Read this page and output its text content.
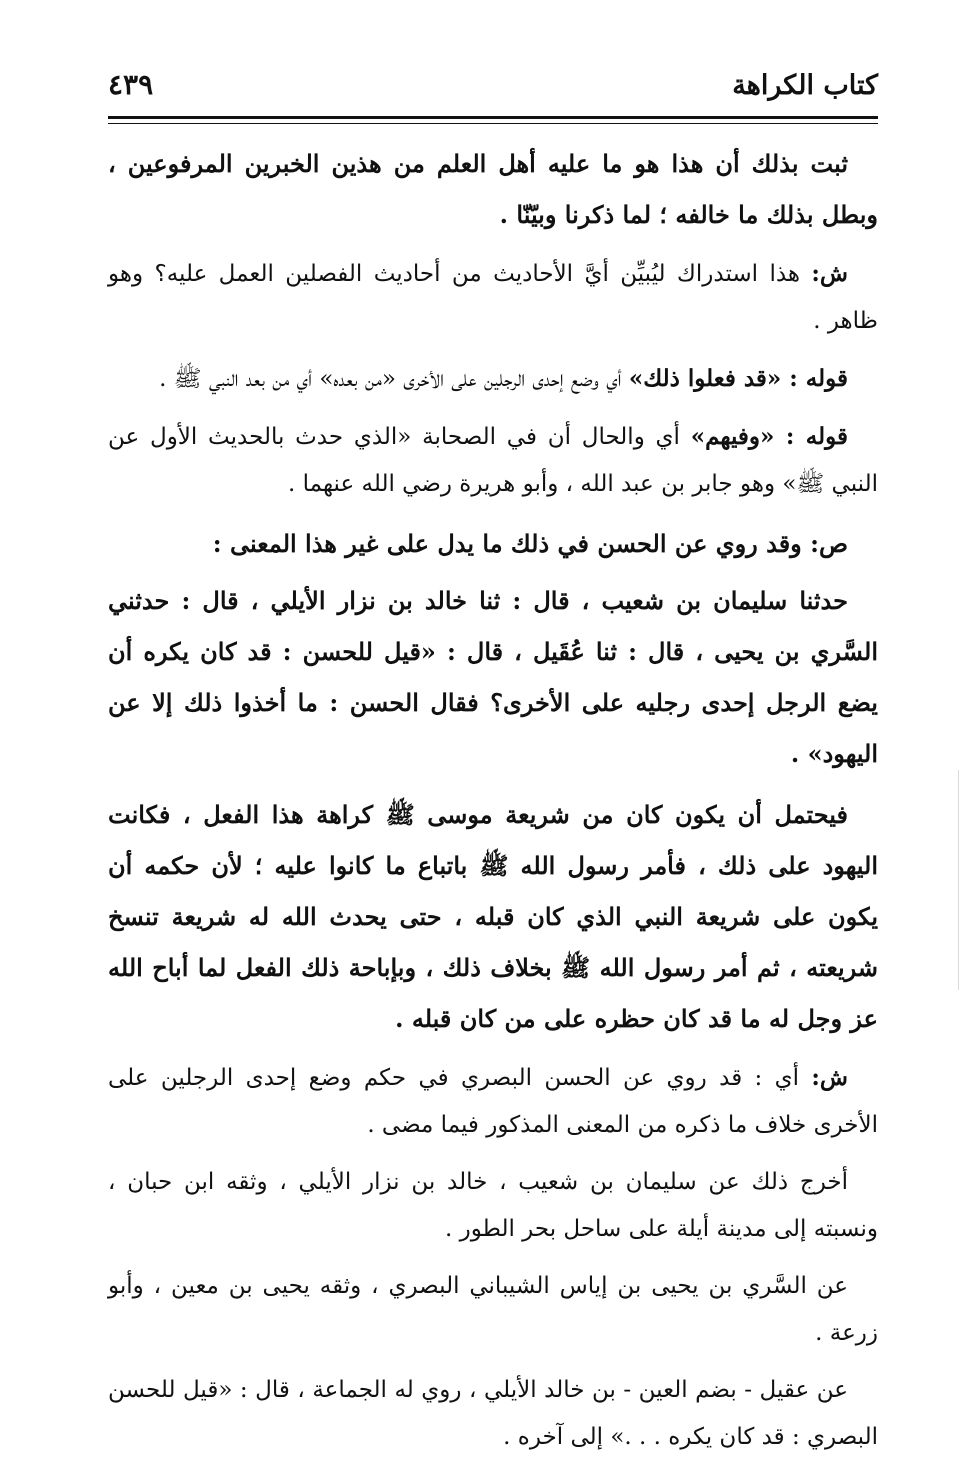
كتاب الكراهة
٤٣٩

ثبت بذلك أن هذا هو ما عليه أهل العلم من هذين الخبرين المرفوعين ، وبطل بذلك ما خالفه ؛ لما ذكرنا وبيّنّا .

ش: هذا استدراك ليُبيِّن أيَّ الأحاديث من أحاديث الفصلين العمل عليه؟ وهو ظاهر .

قوله : «قد فعلوا ذلك» أي وضع إحدى الرجلين على الأخرى «من بعده» أي من بعد النبي ﷺ .

قوله : «وفيهم» أي والحال أن في الصحابة «الذي حدث بالحديث الأول عن النبي ﷺ» وهو جابر بن عبد الله ، وأبو هريرة رضي الله عنهما .

ص: وقد روي عن الحسن في ذلك ما يدل على غير هذا المعنى :

حدثنا سليمان بن شعيب ، قال : ثنا خالد بن نزار الأيلي ، قال : حدثني السَّري بن يحيى ، قال : ثنا عُقَيل ، قال : «قيل للحسن : قد كان يكره أن يضع الرجل إحدى رجليه على الأخرى؟ فقال الحسن : ما أخذوا ذلك إلا عن اليهود» .

فيحتمل أن يكون كان من شريعة موسى ﷺ كراهة هذا الفعل ، فكانت اليهود على ذلك ، فأمر رسول الله ﷺ باتباع ما كانوا عليه ؛ لأن حكمه أن يكون على شريعة النبي الذي كان قبله ، حتى يحدث الله له شريعة تنسخ شريعته ، ثم أمر رسول الله ﷺ بخلاف ذلك ، وبإباحة ذلك الفعل لما أباح الله عز وجل له ما قد كان حظره على من كان قبله .

ش: أي : قد روي عن الحسن البصري في حكم وضع إحدى الرجلين على الأخرى خلاف ما ذكره من المعنى المذكور فيما مضى .

أخرج ذلك عن سليمان بن شعيب ، خالد بن نزار الأيلي ، وثقه ابن حبان ، ونسبته إلى مدينة أيلة على ساحل بحر الطور .

عن السَّري بن يحيى بن إياس الشيباني البصري ، وثقه يحيى بن معين ، وأبو زرعة .

عن عقيل - بضم العين - بن خالد الأيلي ، روي له الجماعة ، قال : «قيل للحسن البصري : قد كان يكره . . .» إلى آخره .
